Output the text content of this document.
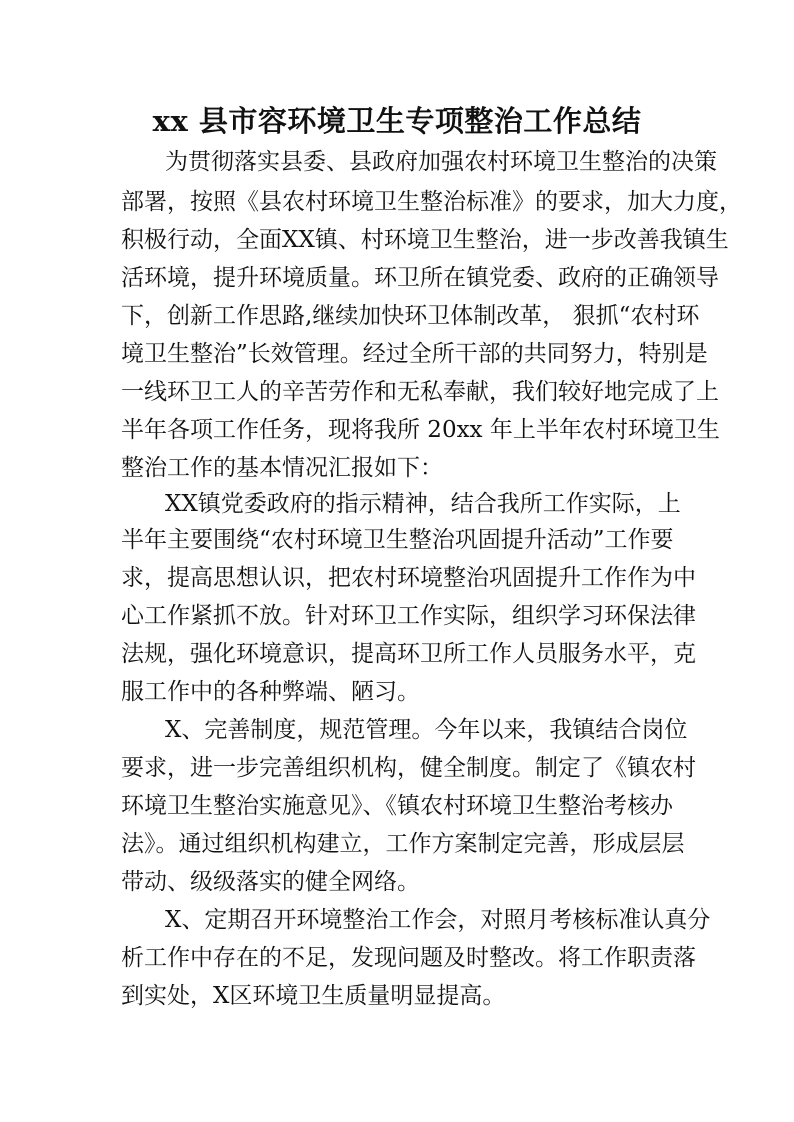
xx 县市容环境卫生专项整治工作总结
为贯彻落实县委、县政府加强农村环境卫生整治的决策
部署，按照《县农村环境卫生整治标准》的要求，加大力度，
积极行动，全面XX镇、村环境卫生整治，进一步改善我镇生
活环境，提升环境质量。环卫所在镇党委、政府的正确领导
下，创新工作思路,继续加快环卫体制改革， 狠抓“农村环
境卫生整治”长效管理。经过全所干部的共同努力，特别是
一线环卫工人的辛苦劳作和无私奉献，我们较好地完成了上
半年各项工作任务，现将我所 20xx 年上半年农村环境卫生
整治工作的基本情况汇报如下：
XX镇党委政府的指示精神，结合我所工作实际，上
半年主要围绕“农村环境卫生整治巩固提升活动”工作要
求，提高思想认识，把农村环境整治巩固提升工作作为中
心工作紧抓不放。针对环卫工作实际，组织学习环保法律
法规，强化环境意识，提高环卫所工作人员服务水平，克
服工作中的各种弊端、陋习。
X、完善制度，规范管理。今年以来，我镇结合岗位
要求，进一步完善组织机构，健全制度。制定了《镇农村
环境卫生整治实施意见》、《镇农村环境卫生整治考核办
法》。通过组织机构建立，工作方案制定完善，形成层层
带动、级级落实的健全网络。
X、定期召开环境整治工作会，对照月考核标准认真分
析工作中存在的不足，发现问题及时整改。将工作职责落
到实处，X区环境卫生质量明显提高。
